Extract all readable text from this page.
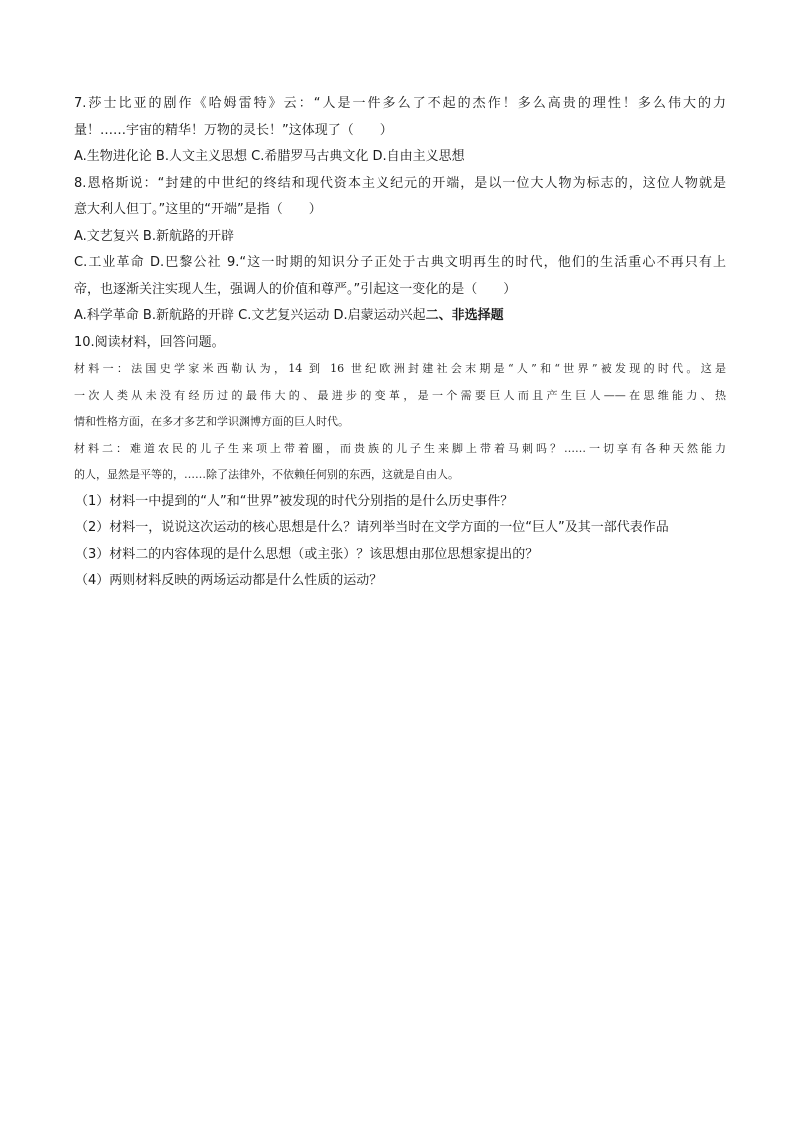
7.莎士比亚的剧作《哈姆雷特》云：“人是一件多么了不起的杰作！多么高贵的理性！多么伟大的力
量！……宇宙的精华！万物的灵长！”这体现了（　　）
A.生物进化论 B.人文主义思想 C.希腊罗马古典文化 D.自由主义思想
8.恩格斯说：“封建的中世纪的终结和现代资本主义纪元的开端，是以一位大人物为标志的，这位人物就是
意大利人但丁。”这里的“开端”是指（　　）
A.文艺复兴 B.新航路的开辟
C.工业革命 D.巴黎公社 9.“这一时期的知识分子正处于古典文明再生的时代，他们的生活重心不再只有上
帝，也逐渐关注实现人生，强调人的价值和尊严。”引起这一变化的是（　　）
A.科学革命 B.新航路的开辟 C.文艺复兴运动 D.启蒙运动兴起二、非选择题
10.阅读材料，回答问题。
材料一：法国史学家米西勒认为，14 到 16 世纪欧洲封建社会末期是“人”和“世界”被发现的时代。这是
一次人类从未没有经历过的最伟大的、最进步的变革，是一个需要巨人而且产生巨人——在思维能力、热
情和性格方面，在多才多艺和学识渊博方面的巨人时代。
材料二：难道农民的儿子生来项上带着圈，而贵族的儿子生来脚上带着马刺吗？……一切享有各种天然能力
的人，显然是平等的，……除了法律外，不依赖任何别的东西，这就是自由人。
（1）材料一中提到的“人”和“世界”被发现的时代分别指的是什么历史事件？
（2）材料一，说说这次运动的核心思想是什么？请列举当时在文学方面的一位“巨人”及其一部代表作品
（3）材料二的内容体现的是什么思想（或主张）？该思想由那位思想家提出的？
（4）两则材料反映的两场运动都是什么性质的运动？
